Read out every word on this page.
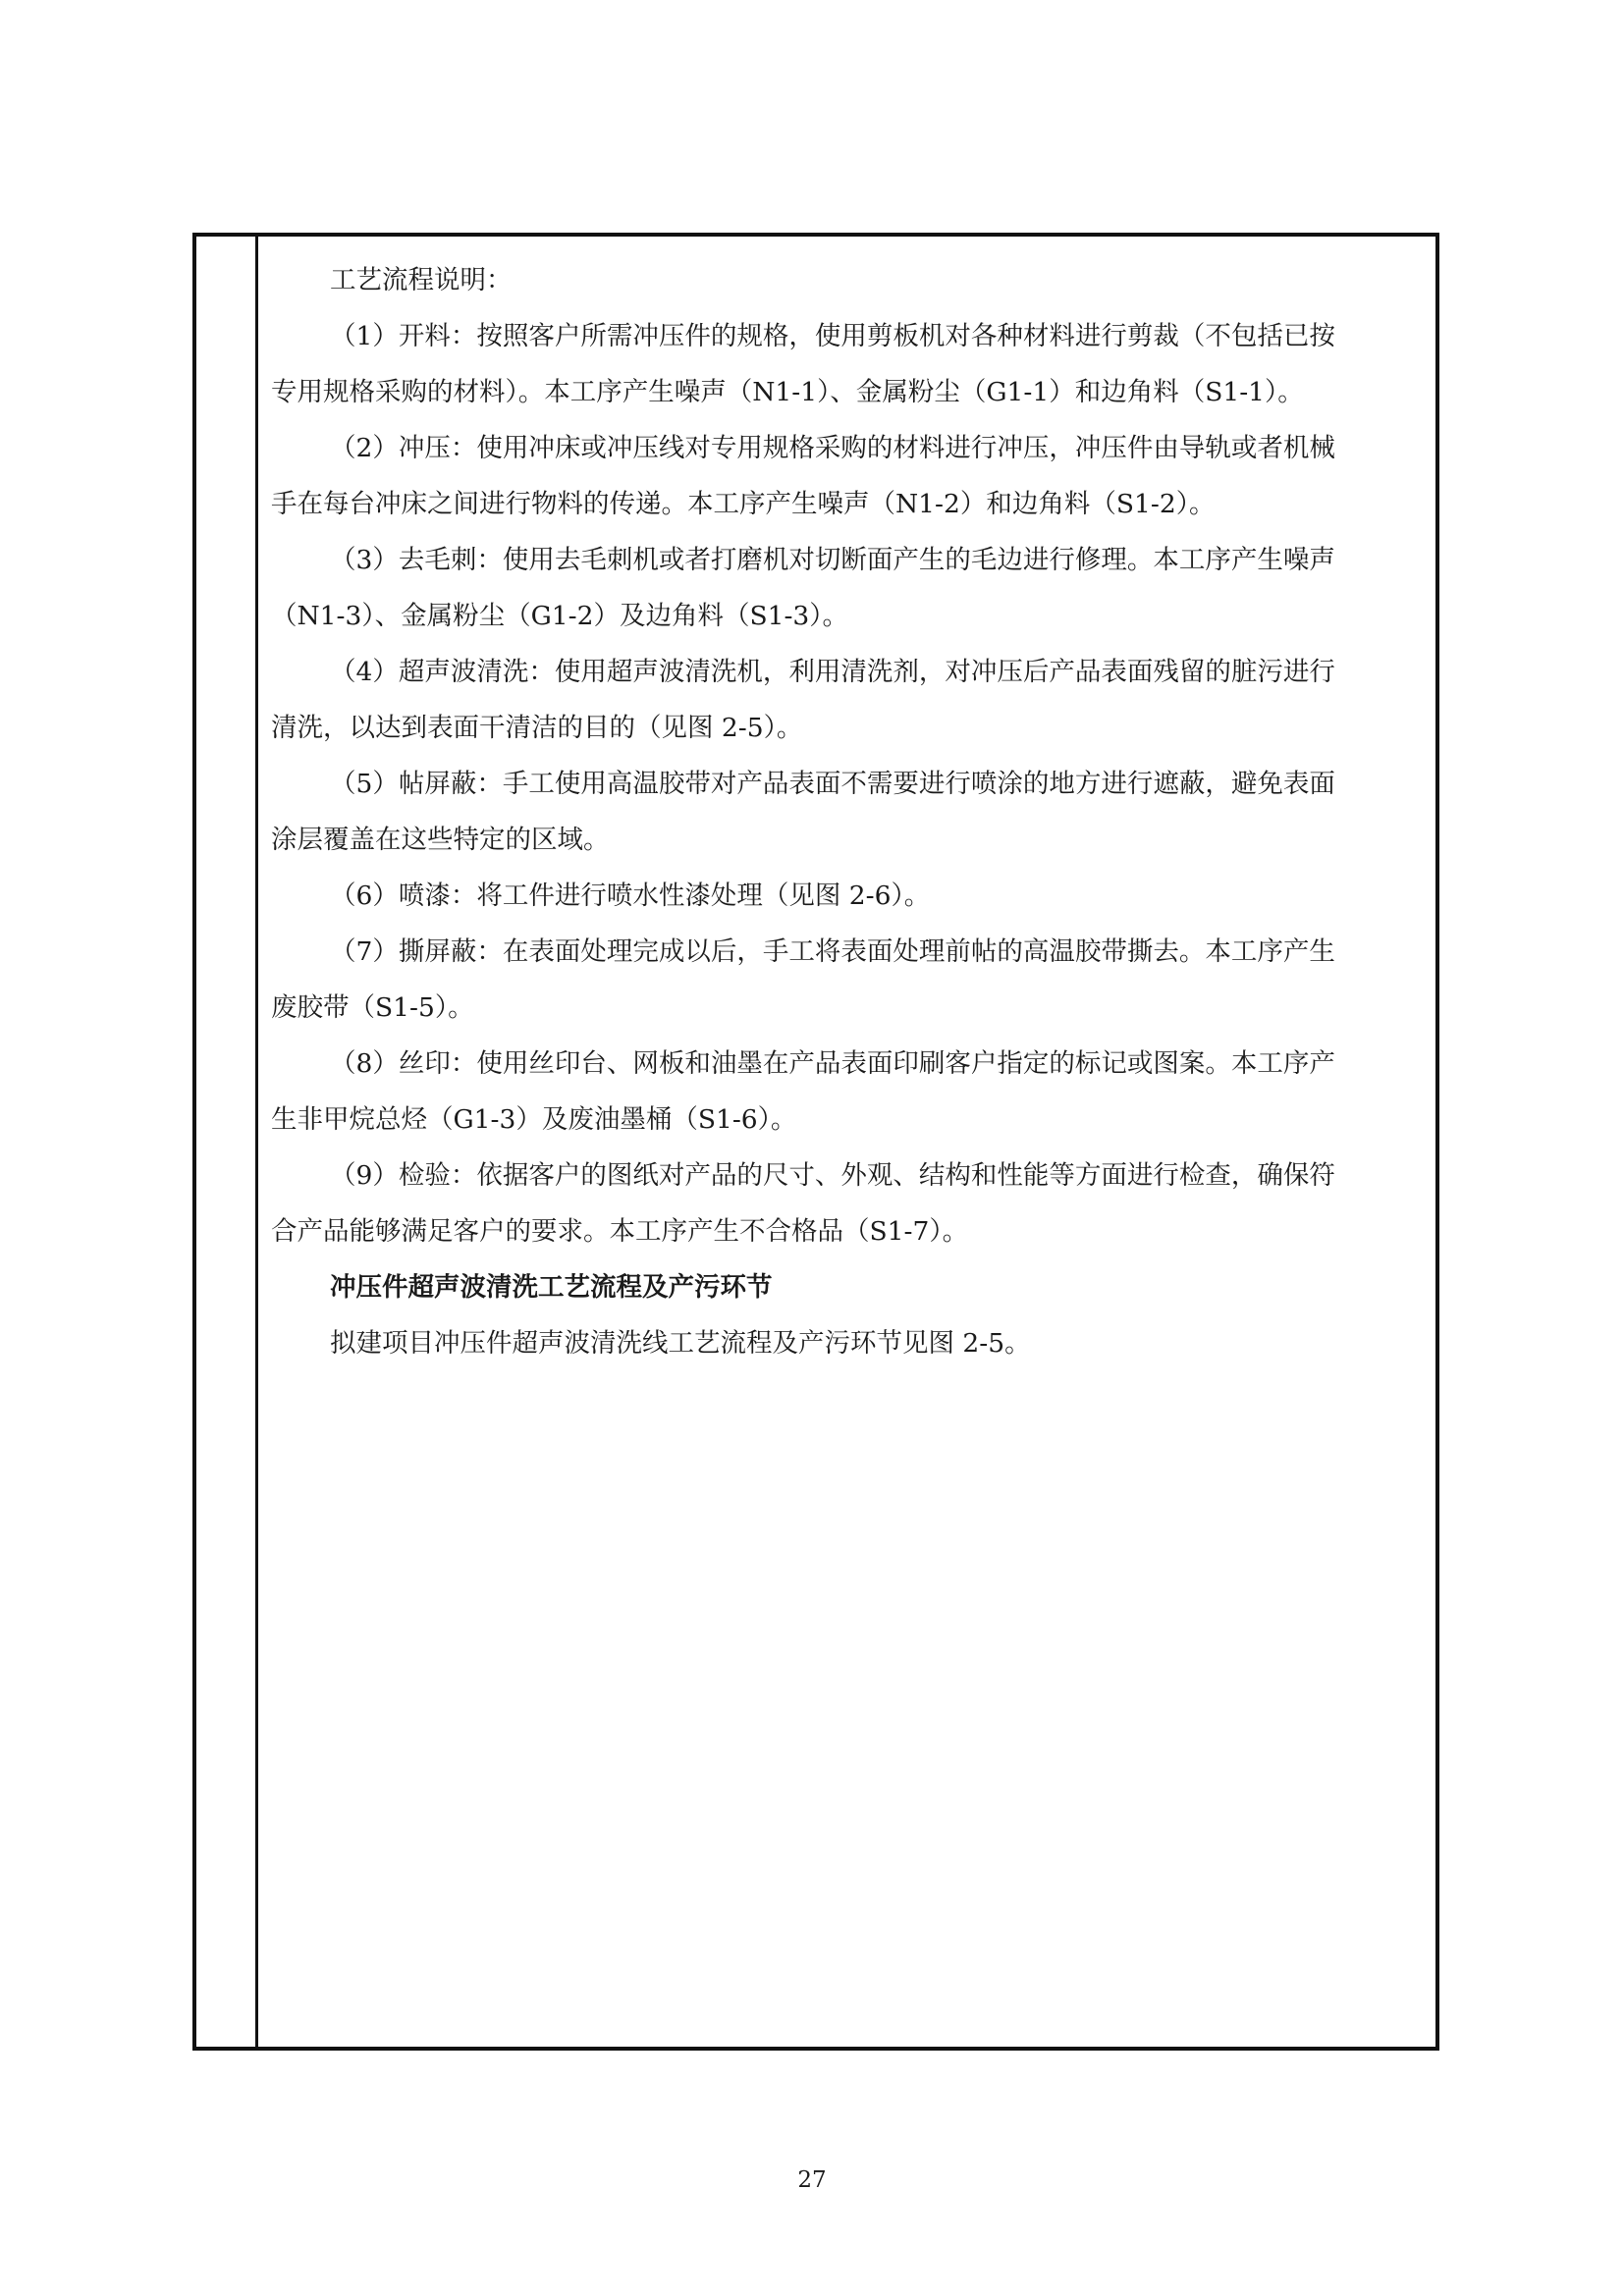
工艺流程说明：
（1）开料：按照客户所需冲压件的规格，使用剪板机对各种材料进行剪裁（不包括已按
专用规格采购的材料）。本工序产生噪声（N1-1）、金属粉尘（G1-1）和边角料（S1-1）。
（2）冲压：使用冲床或冲压线对专用规格采购的材料进行冲压，冲压件由导轨或者机械
手在每台冲床之间进行物料的传递。本工序产生噪声（N1-2）和边角料（S1-2）。
（3）去毛刺：使用去毛刺机或者打磨机对切断面产生的毛边进行修理。本工序产生噪声
（N1-3）、金属粉尘（G1-2）及边角料（S1-3）。
（4）超声波清洗：使用超声波清洗机，利用清洗剂，对冲压后产品表面残留的脏污进行
清洗，以达到表面干清洁的目的（见图 2-5）。
（5）帖屏蔽：手工使用高温胶带对产品表面不需要进行喷涂的地方进行遮蔽，避免表面
涂层覆盖在这些特定的区域。
（6）喷漆：将工件进行喷水性漆处理（见图 2-6）。
（7）撕屏蔽：在表面处理完成以后，手工将表面处理前帖的高温胶带撕去。本工序产生
废胶带（S1-5）。
（8）丝印：使用丝印台、网板和油墨在产品表面印刷客户指定的标记或图案。本工序产
生非甲烷总烃（G1-3）及废油墨桶（S1-6）。
（9）检验：依据客户的图纸对产品的尺寸、外观、结构和性能等方面进行检查，确保符
合产品能够满足客户的要求。本工序产生不合格品（S1-7）。
冲压件超声波清洗工艺流程及产污环节
拟建项目冲压件超声波清洗线工艺流程及产污环节见图 2-5。
27
